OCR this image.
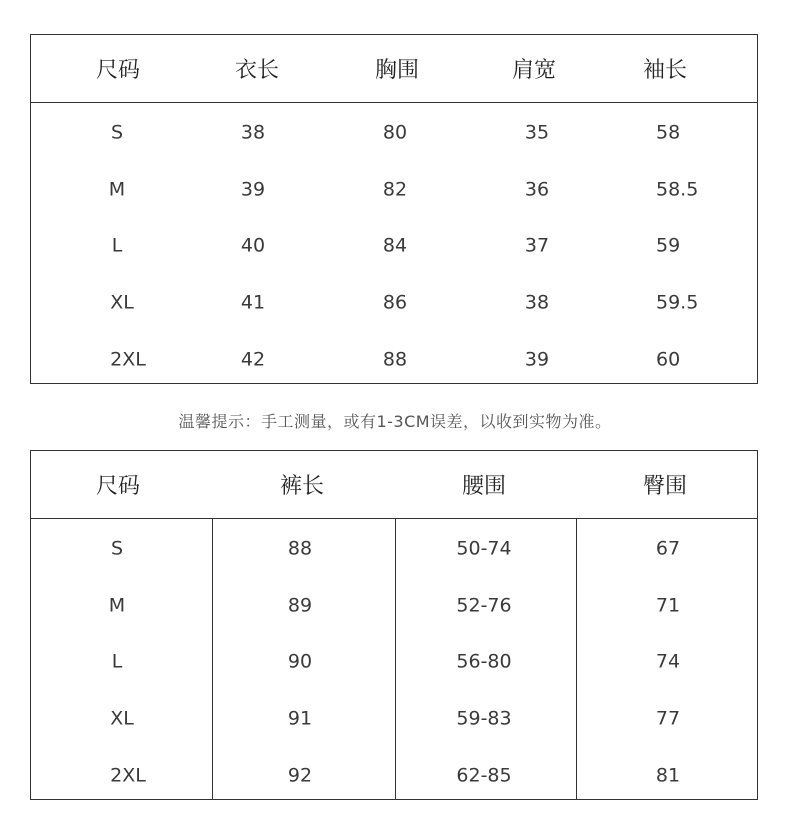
尺码	衣长	胸围	肩宽	袖长
S	38	80	35	58
M	39	82	36	58.5
L	40	84	37	59
XL	41	86	38	59.5
2XL	42	88	39	60
温馨提示：手工测量，或有1-3CM误差，以收到实物为准。
尺码	裤长	腰围	臀围
S	88	50-74	67
M	89	52-76	71
L	90	56-80	74
XL	91	59-83	77
2XL	92	62-85	81
